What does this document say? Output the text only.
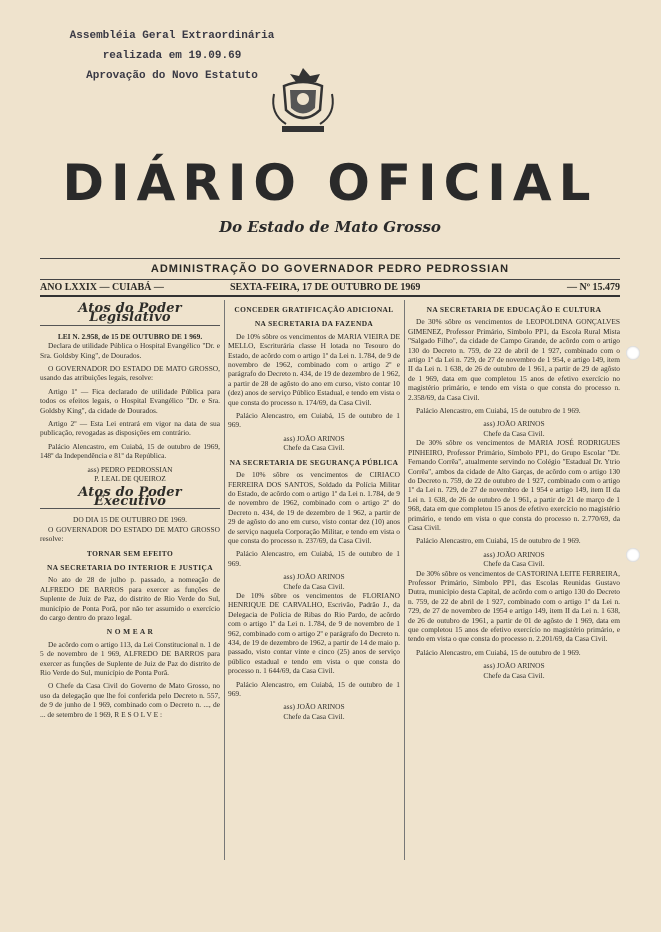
Assembléia Geral Extraordinária
realizada em 19.09.69
Aprovação do Novo Estatuto
DIÁRIO OFICIAL
Do Estado de Mato Grosso
ADMINISTRAÇÃO DO GOVERNADOR PEDRO PEDROSSIAN
ANO LXXIX — CUIABÁ —	SEXTA-FEIRA, 17 DE OUTUBRO DE 1969	— Nº 15.479
Atos do Poder Legislativo

LEI N. 2.958, de 15 DE OUTUBRO DE 1 969.

Declara de utilidade Pública o Hospital Evangélico "Dr. e Sra. Goldsby King", de Dourados.

O GOVERNADOR DO ESTADO DE MATO GROSSO, usando das atribuições legais, resolve:

Artigo 1º — Fica declarado de utilidade Pública para todos os efeitos legais, o Hospital Evangélico "Dr. e Sra. Goldsby King", da cidade de Dourados.

Artigo 2º — Esta Lei entrará em vigor na data de sua publicação, revogadas as disposições em contrário.

Palácio Alencastro, em Cuiabá, 15 de outubro de 1969, 148º da Independência e 81º da República.

ass) PEDRO PEDROSSIAN

P. LEAL DE QUEIROZ

Atos do Poder Executivo

DO DIA 15 DE OUTUBRO DE 1969.

O GOVERNADOR DO ESTADO DE MATO GROSSO resolve:

TORNAR SEM EFEITO

NA SECRETARIA DO INTERIOR E JUSTIÇA

No ato de 28 de julho p. passado, a nomeação de ALFREDO DE BARROS para exercer as funções de Suplente de Juiz de Paz, do distrito de Rio Verde do Sul, município de Ponta Porã, por não ter assumido o exercício do cargo dentro do prazo legal.

N O M E A R

De acôrdo com o artigo 113, da Lei Constitucional n. 1 de 5 de novembro de 1 969, ALFREDO DE BARROS para exercer as funções de Suplente de Juiz de Paz do distrito de Rio Verde do Sul, município de Ponta Porã.

O Chefe da Casa Civil do Governo de Mato Grosso, no uso da delegação que lhe foi conferida pelo Decreto n. 557, de 9 de junho de 1 969, combinado com o Decreto n. ..., de ... de setembro de 1 969, R E S O L V E :

CONCEDER GRATIFICAÇÃO ADICIONAL

NA SECRETARIA DA FAZENDA

De 10% sôbre os vencimentos de MARIA VIEIRA DE MELLO, Escriturária classe H lotada no Tesouro do Estado, de acôrdo com o artigo 1º da Lei n. 1.784, de 9 de novembro de 1962, combinado com o artigo 2º e parágrafo do Decreto n. 434, de 19 de dezembro de 1 962, a partir de 28 de agôsto do ano em curso, visto contar 10 (dez) anos de serviço Público Estadual, e tendo em vista o que consta do processo n. 174/69, da Casa Civil.

Palácio Alencastro, em Cuiabá, 15 de outubro de 1 969.

ass) JOÃO ARINOS

Chefe da Casa Civil.

NA SECRETARIA DE SEGURANÇA PÚBLICA

De 10% sôbre os vencimentos de CIRIACO FERREIRA DOS SANTOS, Soldado da Polícia Militar do Estado, de acôrdo com o artigo 1º da Lei n. 1.784, de 9 de novembro de 1962, combinado com o artigo 2º do Decreto n. 434, de 19 de dezembro de 1 962, a partir de 29 de agôsto do ano em curso, visto contar dez (10) anos de serviço naquela Corporação Militar, e tendo em vista o que consta do processo n. 237/69, da Casa Civil.

Palácio Alencastro, em Cuiabá, 15 de outubro de 1 969.

ass) JOÃO ARINOS

Chefe da Casa Civil.

De 10% sôbre os vencimentos de FLORIANO HENRIQUE DE CARVALHO, Escrivão, Padrão J., da Delegacia de Polícia de Ribas do Rio Pardo, de acôrdo com o artigo 1º da Lei n. 1.784, de 9 de novembro de 1 962, combinado com o artigo 2º e parágrafo do Decreto n. 434, de 19 de dezembro de 1962, a partir de 14 de maio p. passado, visto contar vinte e cinco (25) anos de serviço público estadual e tendo em vista o que consta do processo n. 1 644/69, da Casa Civil.

Palácio Alencastro, em Cuiabá, 15 de outubro de 1 969.

ass) JOÃO ARINOS

Chefe da Casa Civil.

NA SECRETARIA DE EDUCAÇÃO E CULTURA

De 30% sôbre os vencimentos de LEOPOLDINA GONÇALVES GIMENEZ, Professor Primário, Símbolo PP1, da Escola Rural Mista "Salgado Filho", da cidade de Campo Grande, de acôrdo com o artigo 130 do Decreto n. 759, de 22 de abril de 1 927, combinado com o artigo 1º da Lei n. 729, de 27 de novembro de 1 954, e artigo 149, item II da Lei n. 1 638, de 26 de outubro de 1 961, a partir de 29 de agôsto de 1 969, data em que completou 15 anos de efetivo exercício no magistério primário, e tendo em vista o que consta do processo n. 2.358/69, da Casa Civil.

Palácio Alencastro, em Cuiabá, 15 de outubro de 1 969.

ass) JOÃO ARINOS

Chefe da Casa Civil.

De 30% sôbre os vencimentos de MARIA JOSÉ RODRIGUES PINHEIRO, Professor Primário, Símbolo PP1, do Grupo Escolar "Dr. Fernando Corrêa", atualmente servindo no Colégio "Estadual Dr. Ytrio Corrêa", ambos da cidade de Alto Garças, de acôrdo com o artigo 130 do Decreto n. 759, de 22 de outubro de 1 927, combinado com o artigo 1º da Lei n. 729, de 27 de novembro de 1 954 e artigo 149, item II da Lei n. 1 638, de 26 de outubro de 1 961, a partir de 21 de março de 1 968, data em que completou 15 anos de efetivo exercício no magistério primário, e tendo em vista o que consta do processo n. 2.770/69, da Casa Civil.

Palácio Alencastro, em Cuiabá, 15 de outubro de 1 969.

ass) JOÃO ARINOS

Chefe da Casa Civil.

De 30% sôbre os vencimentos de CASTORINA LEITE FERREIRA, Professor Primário, Símbolo PP1, das Escolas Reunidas Gustavo Dutra, município desta Capital, de acôrdo com o artigo 130 do Decreto n. 759, de 22 de abril de 1 927, combinado com o artigo 1º da Lei n. 729, de 27 de novembro de 1954 e artigo 149, item II da Lei n. 1 638, de 26 de outubro de 1961, a partir de 01 de agôsto de 1 969, data em que completou 15 anos de efetivo exercício no magistério primário, e tendo em vista o que consta do processo n. 2.201/69, da Casa Civil.

Palácio Alencastro, em Cuiabá, 15 de outubro de 1 969.

ass) JOÃO ARINOS

Chefe da Casa Civil.
